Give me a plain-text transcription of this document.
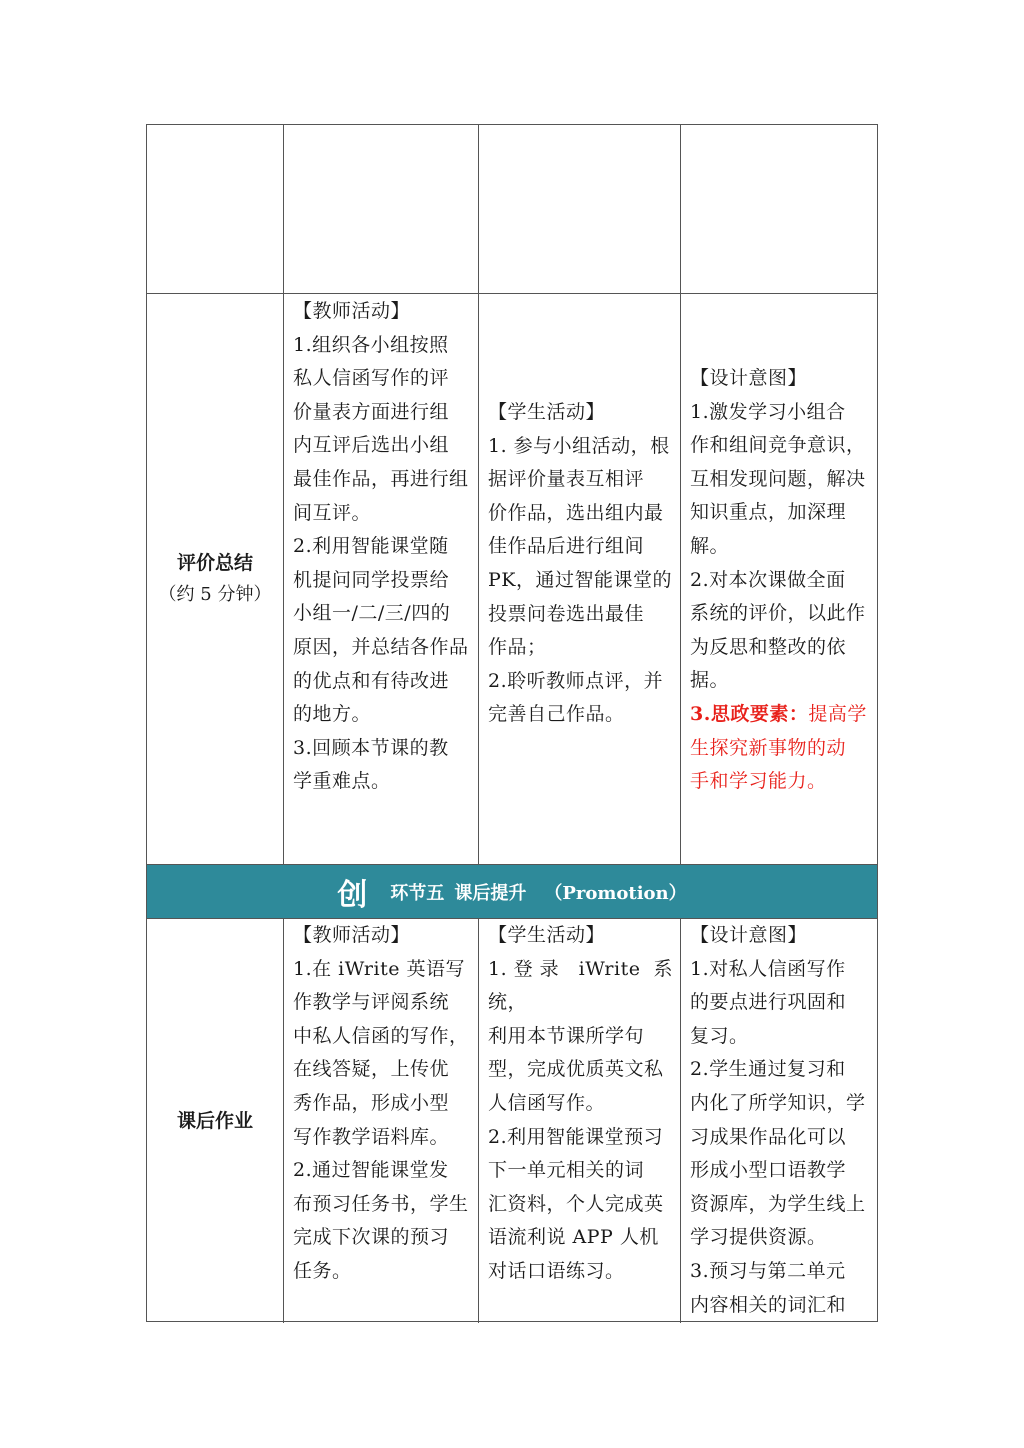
评价总结
（约 5 分钟）
【教师活动】
1.组织各小组按照
私人信函写作的评
价量表方面进行组
内互评后选出小组
最佳作品，再进行组
间互评。
2.利用智能课堂随
机提问同学投票给
小组一/二/三/四的
原因，并总结各作品
的优点和有待改进
的地方。
3.回顾本节课的教
学重难点。
【学生活动】
1. 参与小组活动，根
据评价量表互相评
价作品，选出组内最
佳作品后进行组间
PK，通过智能课堂的
投票问卷选出最佳
作品；
2.聆听教师点评，并
完善自己作品。
【设计意图】
1.激发学习小组合
作和组间竞争意识，
互相发现问题，解决
知识重点，加深理
解。
2.对本次课做全面
系统的评价，以此作
为反思和整改的依
据。
3.思政要素：提高学
生探究新事物的动
手和学习能力。
创 环节五 课后提升 （Promotion）
课后作业
【教师活动】
1.在 iWrite 英语写
作教学与评阅系统
中私人信函的写作，
在线答疑，上传优
秀作品，形成小型
写作教学语料库。
2.通过智能课堂发
布预习任务书，学生
完成下次课的预习
任务。
【学生活动】
1.登录 iWrite 系统，
利用本节课所学句
型，完成优质英文私
人信函写作。
2.利用智能课堂预习
下一单元相关的词
汇资料，个人完成英
语流利说 APP 人机
对话口语练习。
【设计意图】
1.对私人信函写作
的要点进行巩固和
复习。
2.学生通过复习和
内化了所学知识，学
习成果作品化可以
形成小型口语教学
资源库，为学生线上
学习提供资源。
3.预习与第二单元
内容相关的词汇和
